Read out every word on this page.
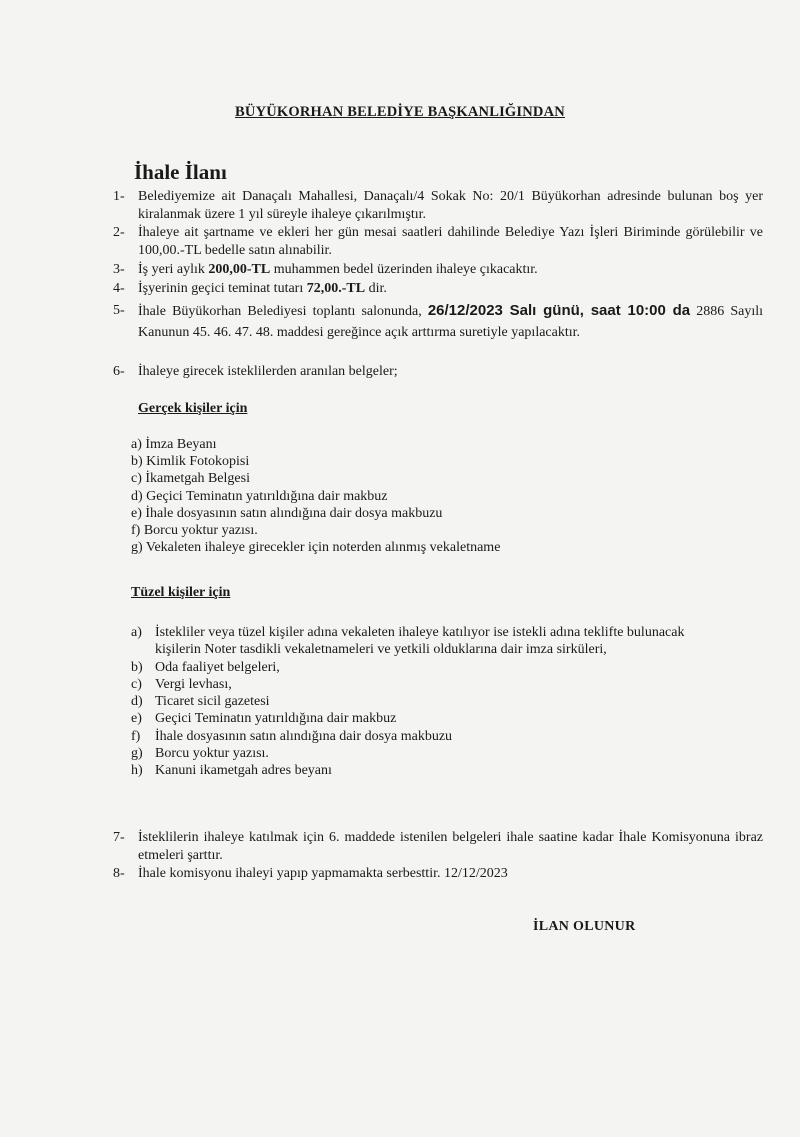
BÜYÜKORHAN BELEDİYE BAŞKANLIĞINDAN
İhale İlanı
1- Belediyemize ait Danaçalı Mahallesi, Danaçalı/4 Sokak No: 20/1 Büyükorhan adresinde bulunan boş yer kiralanmak üzere 1 yıl süreyle ihaleye çıkarılmıştır.
2- İhaleye ait şartname ve ekleri her gün mesai saatleri dahilinde Belediye Yazı İşleri Biriminde görülebilir ve 100,00.-TL bedelle satın alınabilir.
3- İş yeri aylık 200,00-TL muhammen bedel üzerinden ihaleye çıkacaktır.
4- İşyerinin geçici teminat tutarı 72,00.-TL dir.
5- İhale Büyükorhan Belediyesi toplantı salonunda, 26/12/2023 Salı günü, saat 10:00 da 2886 Sayılı Kanunun 45. 46. 47. 48. maddesi gereğince açık arttırma suretiyle yapılacaktır.
6- İhaleye girecek isteklilerden aranılan belgeler;
Gerçek kişiler için
a) İmza Beyanı
b) Kimlik Fotokopisi
c) İkametgah Belgesi
d) Geçici Teminatın yatırıldığına dair makbuz
e) İhale dosyasının satın alındığına dair dosya makbuzu
f) Borcu yoktur yazısı.
g) Vekaleten ihaleye girecekler için noterden alınmış vekaletname
Tüzel kişiler için
a) İstekliler veya tüzel kişiler adına vekaleten ihaleye katılıyor ise istekli adına teklifte bulunacak kişilerin Noter tasdikli vekaletnameleri ve yetkili olduklarına dair imza sirküleri,
b) Oda faaliyet belgeleri,
c) Vergi levhası,
d) Ticaret sicil gazetesi
e) Geçici Teminatın yatırıldığına dair makbuz
f) İhale dosyasının satın alındığına dair dosya makbuzu
g) Borcu yoktur yazısı.
h) Kanuni ikametgah adres beyanı
7- İsteklilerin ihaleye katılmak için 6. maddede istenilen belgeleri ihale saatine kadar İhale Komisyonuna ibraz etmeleri şarttır.
8- İhale komisyonu ihaleyi yapıp yapmamakta serbesttir. 12/12/2023
İLAN OLUNUR
